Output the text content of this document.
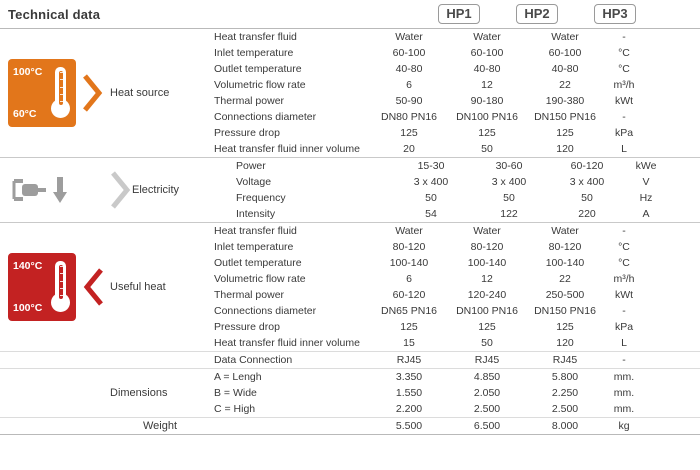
Technical data	HP1	HP2	HP3
100°C
60°C
Heat source
Heat transfer fluid	Water	Water	Water	-
Inlet temperature	60-100	60-100	60-100	°C
Outlet temperature	40-80	40-80	40-80	°C
Volumetric flow rate	6	12	22	m³/h
Thermal power	50-90	90-180	190-380	kWt
Connections diameter	DN80 PN16	DN100 PN16	DN150 PN16	-
Pressure drop	125	125	125	kPa
Heat transfer fluid inner volume	20	50	120	L
Electricity
Power	15-30	30-60	60-120	kWe
Voltage	3 x 400	3 x 400	3 x 400	V
Frequency	50	50	50	Hz
Intensity	54	122	220	A
140°C
100°C
Useful heat
Heat transfer fluid	Water	Water	Water	-
Inlet temperature	80-120	80-120	80-120	°C
Outlet temperature	100-140	100-140	100-140	°C
Volumetric flow rate	6	12	22	m³/h
Thermal power	60-120	120-240	250-500	kWt
Connections diameter	DN65 PN16	DN100 PN16	DN150 PN16	-
Pressure drop	125	125	125	kPa
Heat transfer fluid inner volume	15	50	120	L
Data Connection	RJ45	RJ45	RJ45	-
Dimensions
A = Lengh	3.350	4.850	5.800	mm.
B = Wide	1.550	2.050	2.250	mm.
C = High	2.200	2.500	2.500	mm.
Weight	5.500	6.500	8.000	kg
